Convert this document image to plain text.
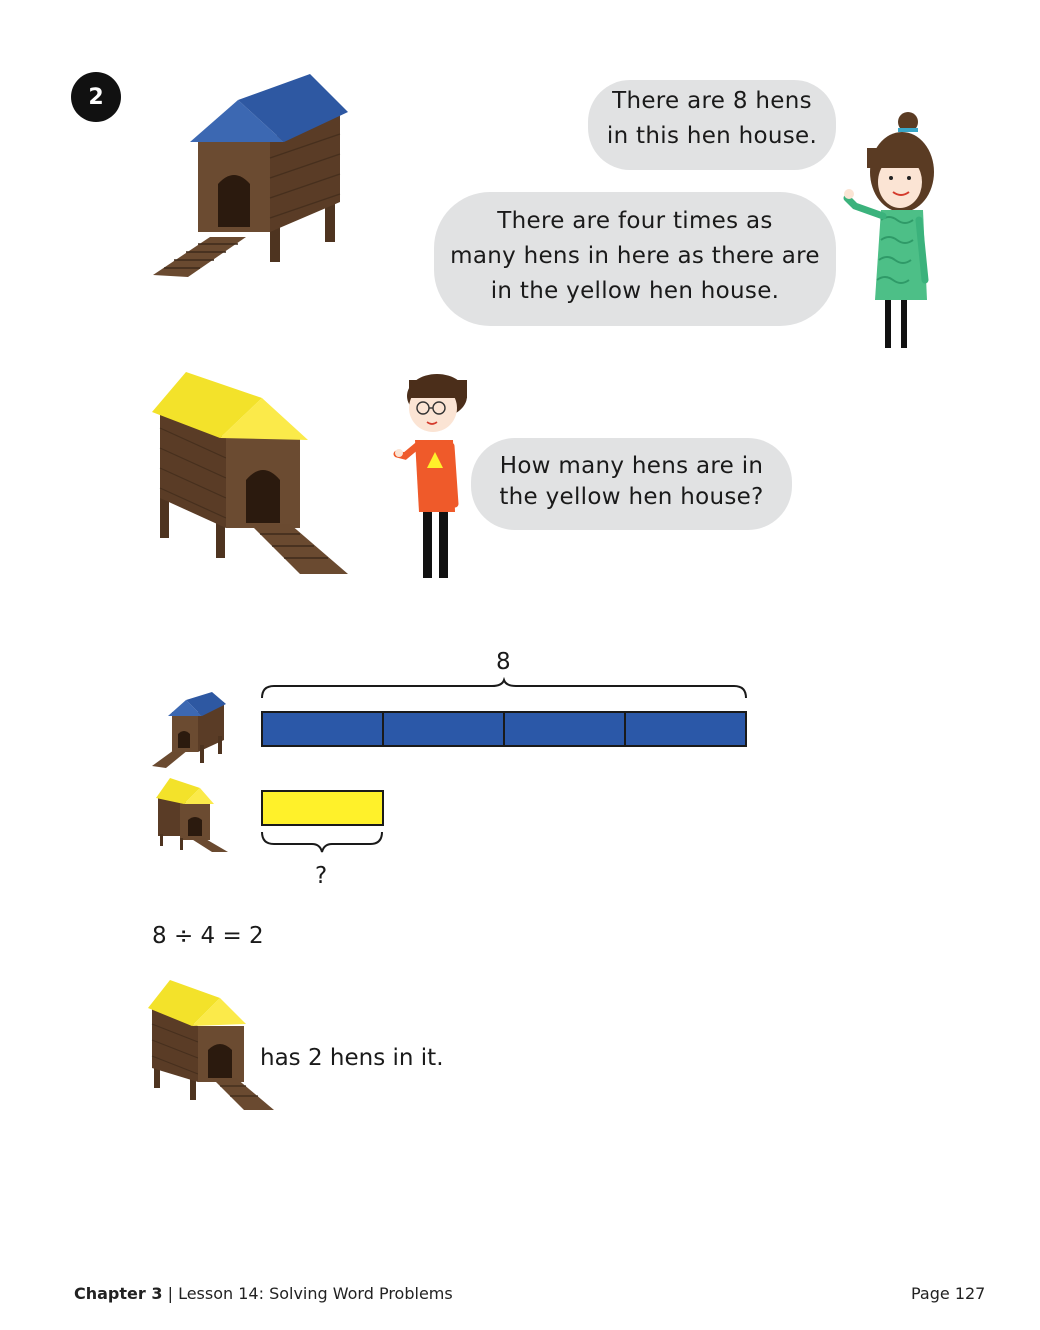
2	There are 8 hens
in this hen house.
There are four times as
many hens in here as there are
in the yellow hen house.
How many hens are in
the yellow hen house?
8
?
8 ÷ 4 = 2
has 2 hens in it.
Chapter 3 | Lesson 14: Solving Word Problems	Page 127
